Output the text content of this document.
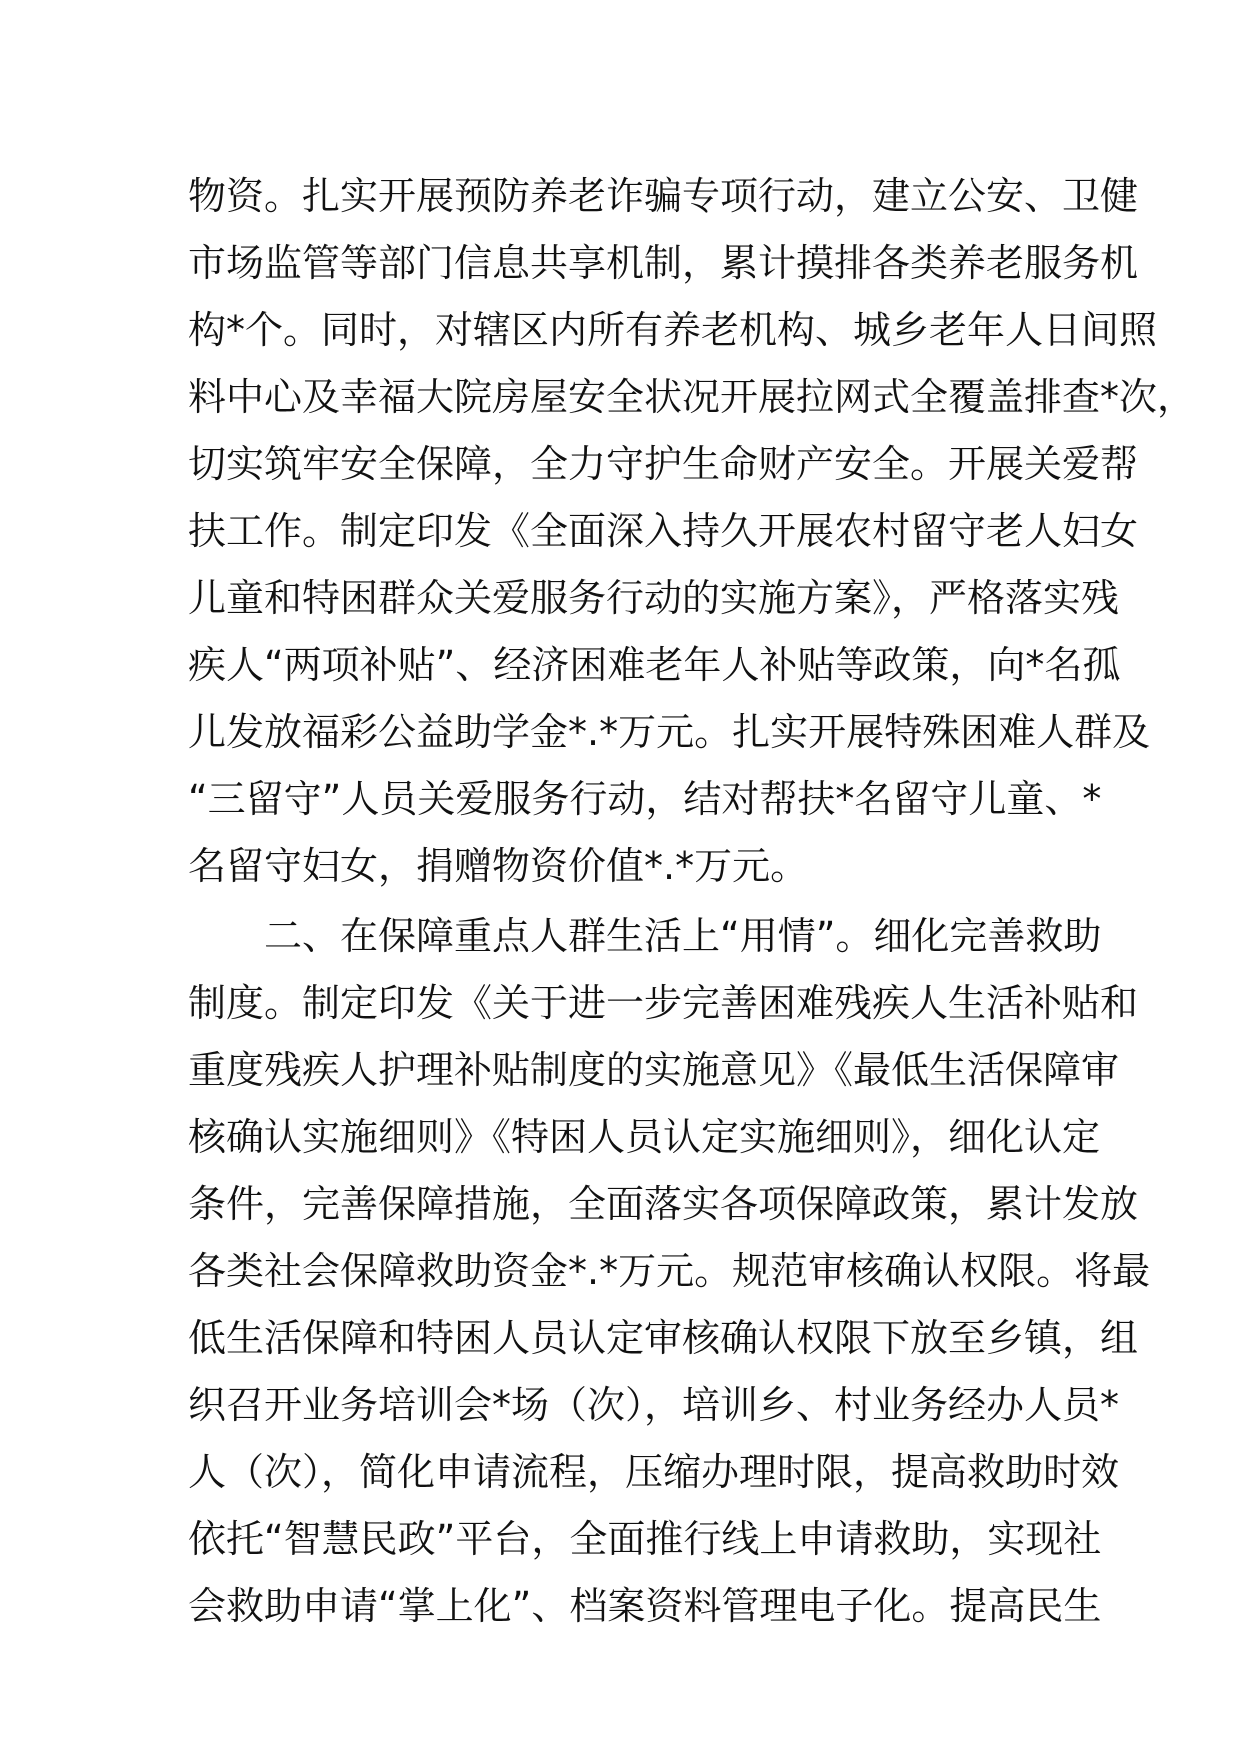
物资。扎实开展预防养老诈骗专项行动，建立公安、卫健
市场监管等部门信息共享机制，累计摸排各类养老服务机
构*个。同时，对辖区内所有养老机构、城乡老年人日间照
料中心及幸福大院房屋安全状况开展拉网式全覆盖排查*次，
切实筑牢安全保障，全力守护生命财产安全。开展关爱帮
扶工作。制定印发《全面深入持久开展农村留守老人妇女
儿童和特困群众关爱服务行动的实施方案》，严格落实残
疾人“两项补贴”、经济困难老年人补贴等政策，向*名孤
儿发放福彩公益助学金*.*万元。扎实开展特殊困难人群及
“三留守”人员关爱服务行动，结对帮扶*名留守儿童、*
名留守妇女，捐赠物资价值*.*万元。
　　二、在保障重点人群生活上“用情”。细化完善救助
制度。制定印发《关于进一步完善困难残疾人生活补贴和
重度残疾人护理补贴制度的实施意见》《最低生活保障审
核确认实施细则》《特困人员认定实施细则》，细化认定
条件，完善保障措施，全面落实各项保障政策，累计发放
各类社会保障救助资金*.*万元。规范审核确认权限。将最
低生活保障和特困人员认定审核确认权限下放至乡镇，组
织召开业务培训会*场（次），培训乡、村业务经办人员*
人（次），简化申请流程，压缩办理时限，提高救助时效
依托“智慧民政”平台，全面推行线上申请救助，实现社
会救助申请“掌上化”、档案资料管理电子化。提高民生
